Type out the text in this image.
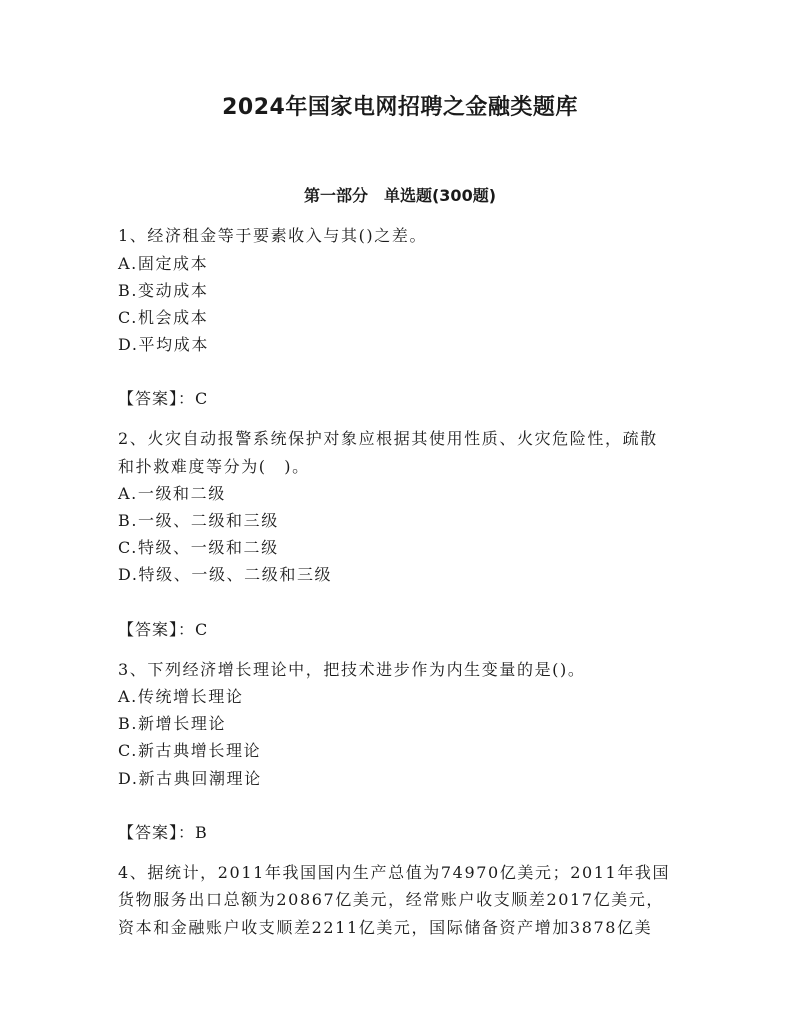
2024年国家电网招聘之金融类题库
第一部分　单选题(300题)
1、经济租金等于要素收入与其()之差。
A.固定成本
B.变动成本
C.机会成本
D.平均成本
【答案】：C
2、火灾自动报警系统保护对象应根据其使用性质、火灾危险性，疏散
和扑救难度等分为(　)。
A.一级和二级
B.一级、二级和三级
C.特级、一级和二级
D.特级、一级、二级和三级
【答案】：C
3、下列经济增长理论中，把技术进步作为内生变量的是()。
A.传统增长理论
B.新增长理论
C.新古典增长理论
D.新古典回潮理论
【答案】：B
4、据统计，2011年我国国内生产总值为74970亿美元；2011年我国
货物服务出口总额为20867亿美元，经常账户收支顺差2017亿美元，
资本和金融账户收支顺差2211亿美元，国际储备资产增加3878亿美
